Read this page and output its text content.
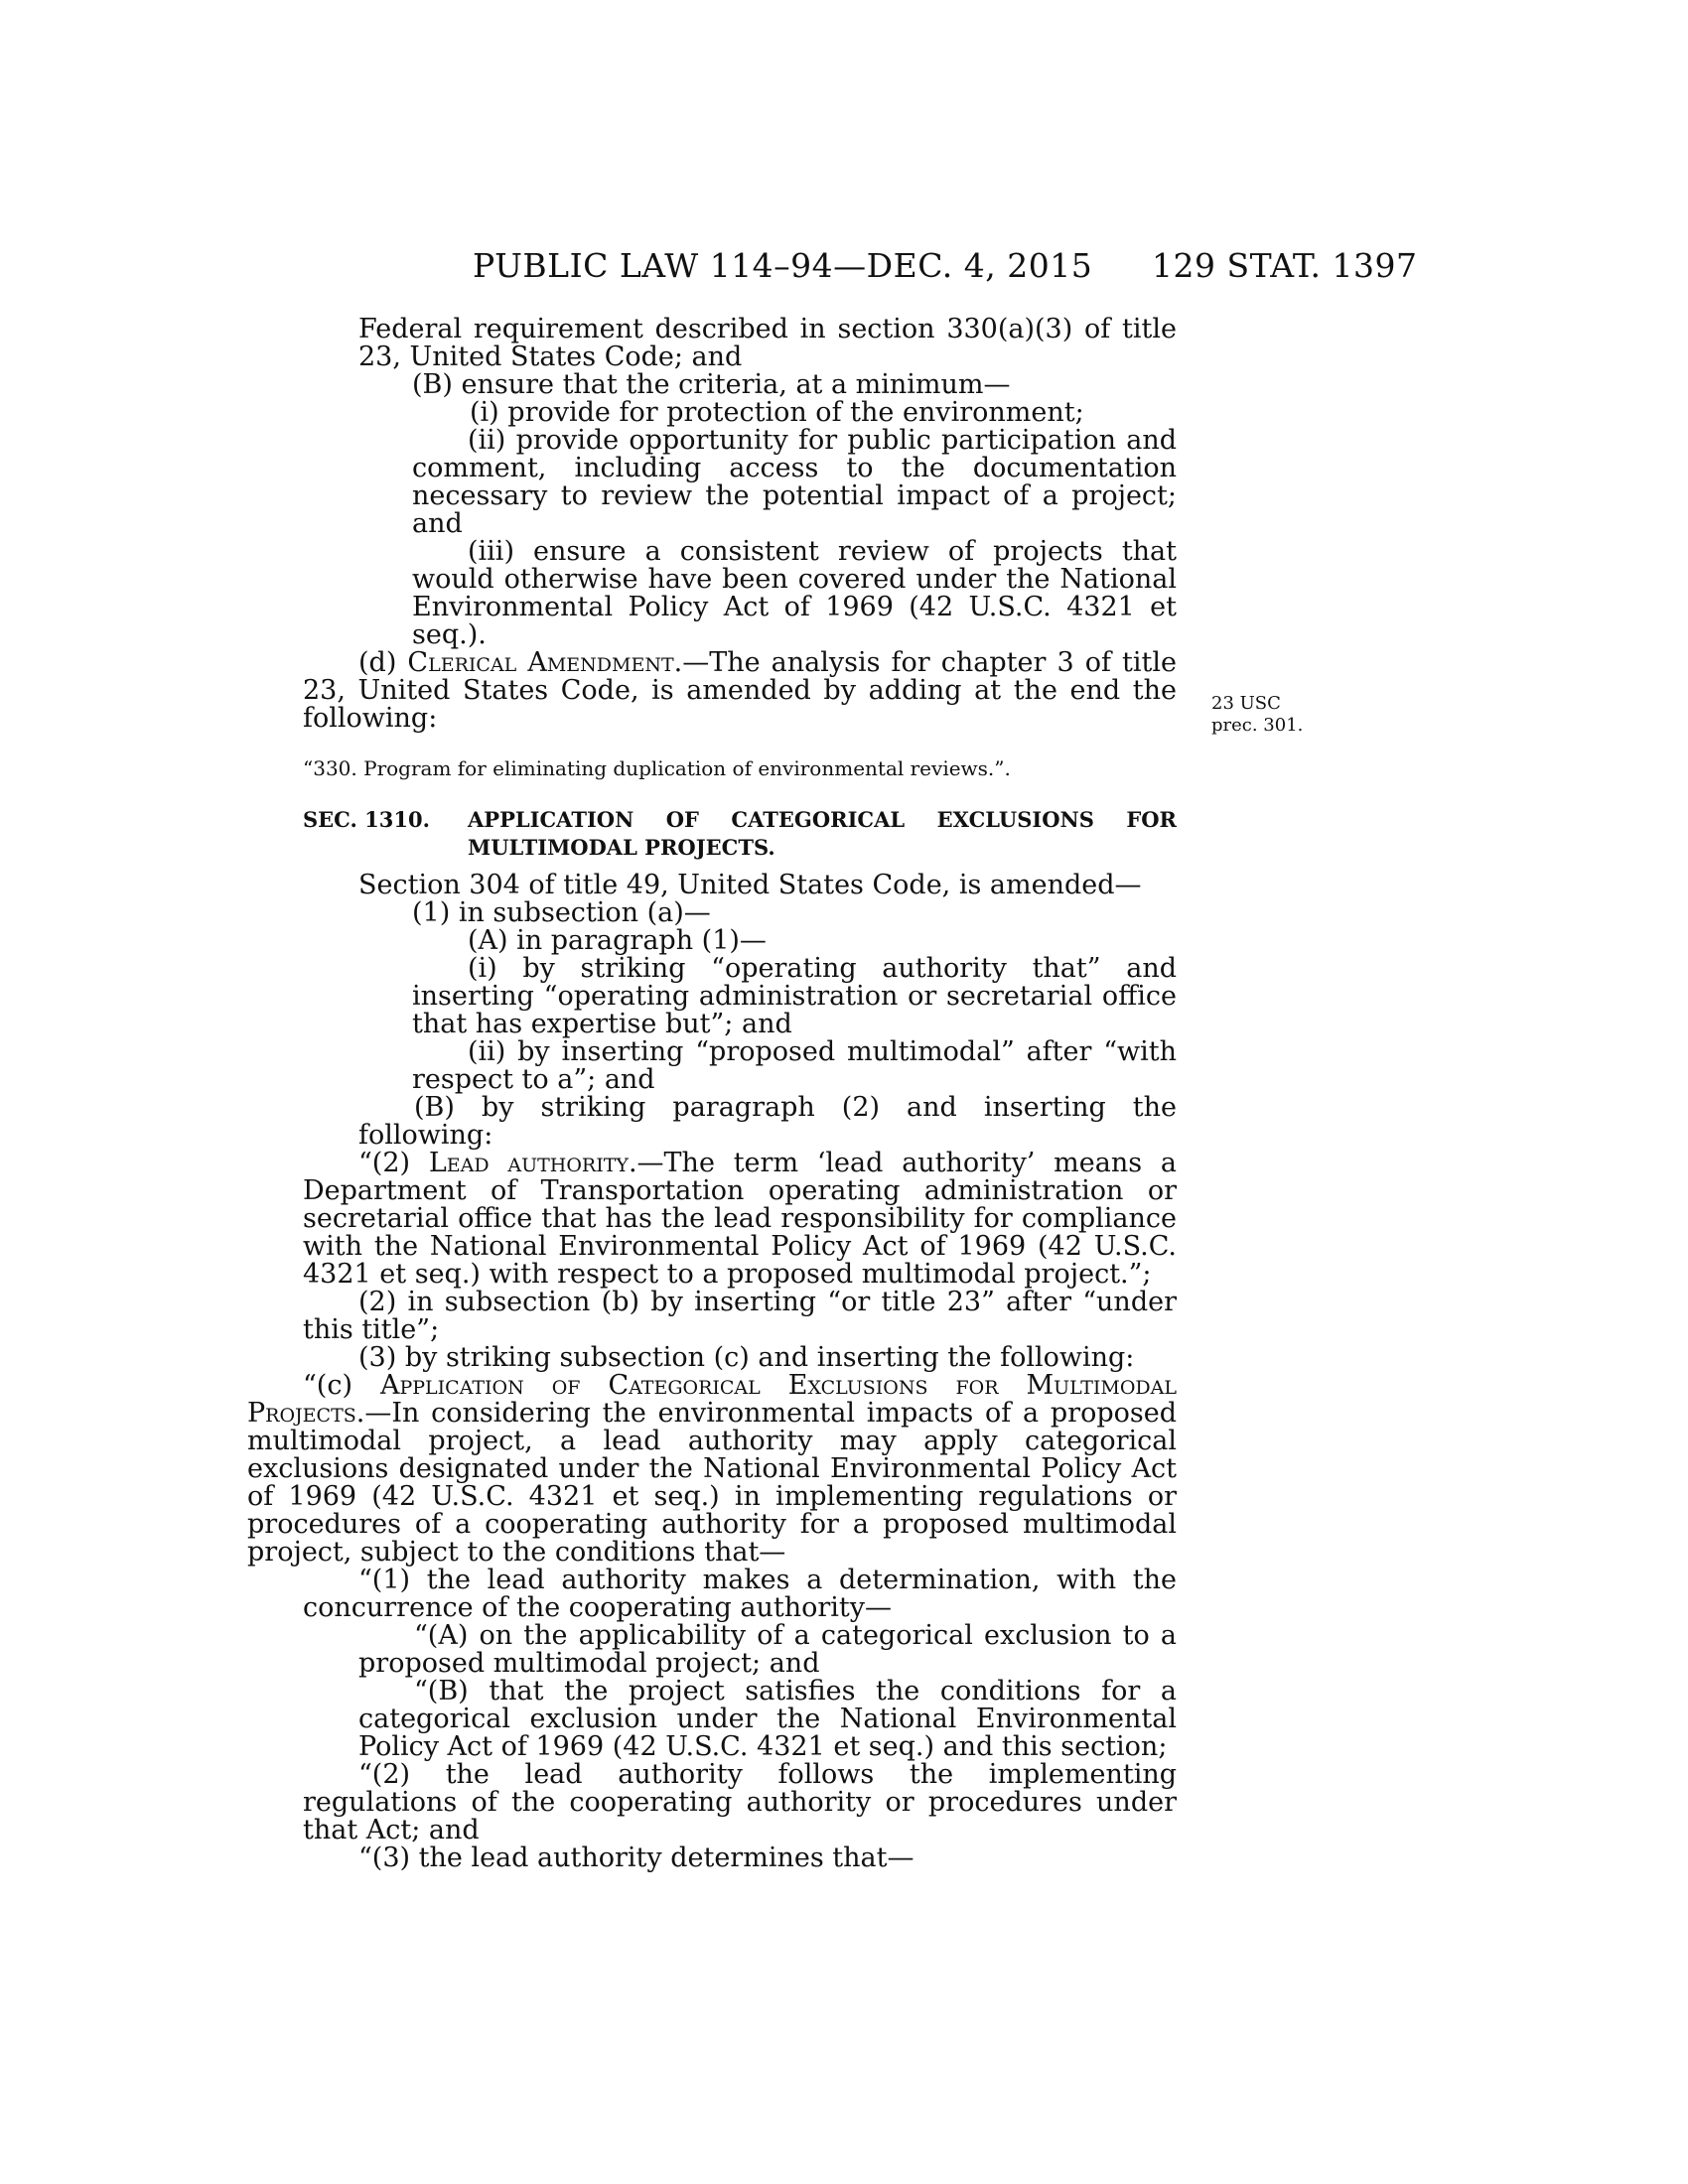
PUBLIC LAW 114–94—DEC. 4, 2015 129 STAT. 1397

Federal requirement described in section 330(a)(3) of title 23, United States Code; and

(B) ensure that the criteria, at a minimum—

(i) provide for protection of the environment;

(ii) provide opportunity for public participation and comment, including access to the documentation necessary to review the potential impact of a project; and

(iii) ensure a consistent review of projects that would otherwise have been covered under the National Environmental Policy Act of 1969 (42 U.S.C. 4321 et seq.).

(d) Clerical Amendment.—The analysis for chapter 3 of title 23, United States Code, is amended by adding at the end the following:	23 USC
prec. 301.

“330. Program for eliminating duplication of environmental reviews.”.

SEC. 1310.	APPLICATION OF CATEGORICAL EXCLUSIONS FOR MULTIMODAL PROJECTS.

Section 304 of title 49, United States Code, is amended—

(1) in subsection (a)—

(A) in paragraph (1)—

(i) by striking “operating authority that” and inserting “operating administration or secretarial office that has expertise but”; and

(ii) by inserting “proposed multimodal” after “with respect to a”; and

(B) by striking paragraph (2) and inserting the following:

“(2) Lead authority.—The term ‘lead authority’ means a Department of Transportation operating administration or secretarial office that has the lead responsibility for compliance with the National Environmental Policy Act of 1969 (42 U.S.C. 4321 et seq.) with respect to a proposed multimodal project.”;

(2) in subsection (b) by inserting “or title 23” after “under this title”;

(3) by striking subsection (c) and inserting the following:

“(c) Application of Categorical Exclusions for Multimodal Projects.—In considering the environmental impacts of a proposed multimodal project, a lead authority may apply categorical exclusions designated under the National Environmental Policy Act of 1969 (42 U.S.C. 4321 et seq.) in implementing regulations or procedures of a cooperating authority for a proposed multimodal project, subject to the conditions that—

“(1) the lead authority makes a determination, with the concurrence of the cooperating authority—

“(A) on the applicability of a categorical exclusion to a proposed multimodal project; and

“(B) that the project satisfies the conditions for a categorical exclusion under the National Environmental Policy Act of 1969 (42 U.S.C. 4321 et seq.) and this section;

“(2) the lead authority follows the implementing regulations of the cooperating authority or procedures under that Act; and

“(3) the lead authority determines that—
